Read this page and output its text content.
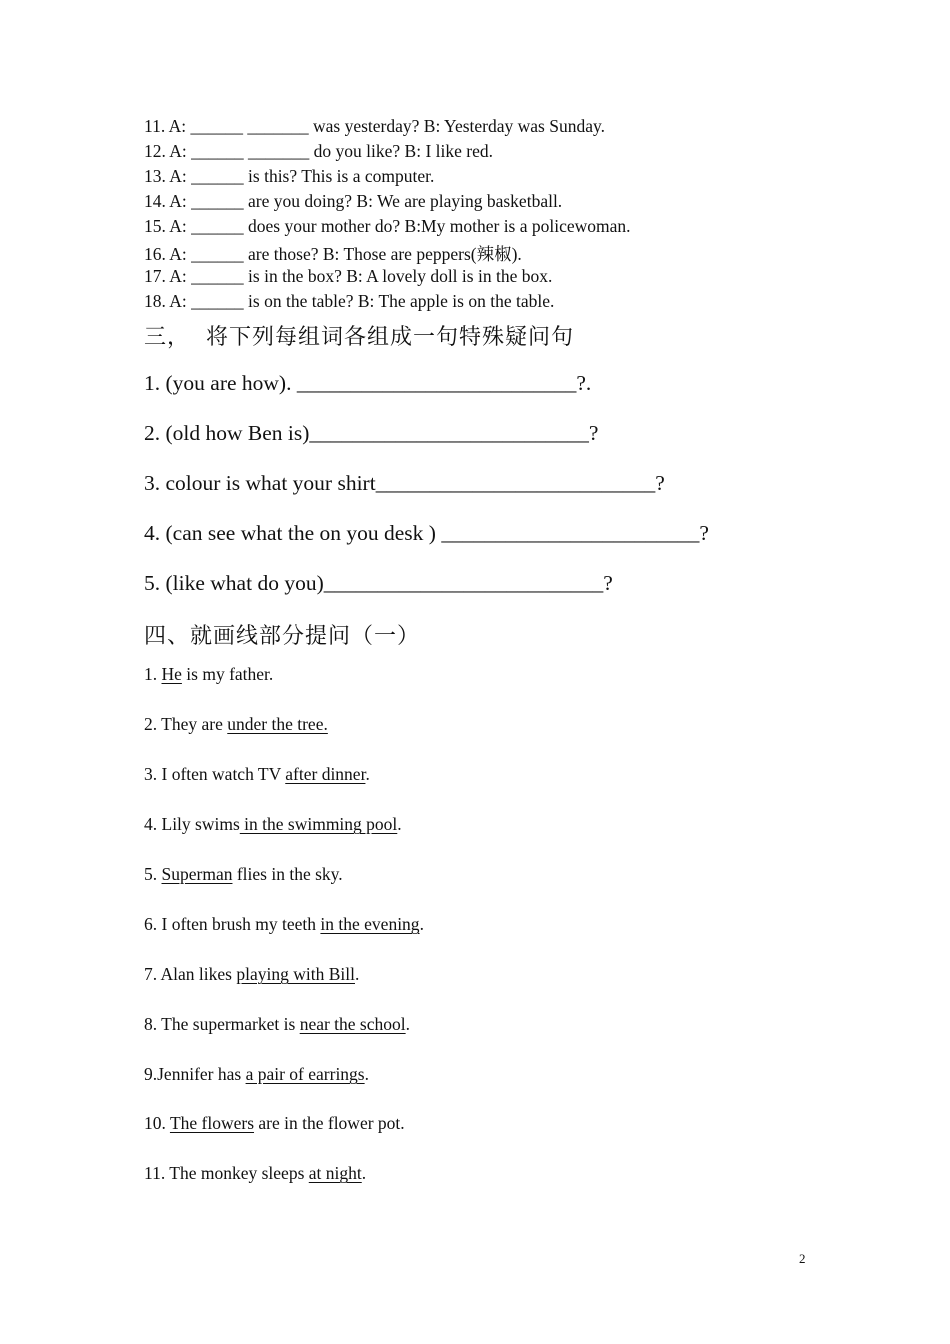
11. A: ______ _______ was yesterday? B: Yesterday was Sunday.
12. A: ______ _______ do you like? B: I like red.
13. A: ______ is this? This is a computer.
14. A: ______ are you doing? B: We are playing basketball.
15. A: ______ does your mother do? B:My mother is a policewoman.
16. A: ______ are those? B: Those are peppers(辣椒).
17. A: ______ is in the box? B: A lovely doll is in the box.
18. A: ______ is on the table? B: The apple is on the table.
三，  将下列每组词各组成一句特殊疑问句
1. (you are how). __________________________?.
2. (old how Ben is)__________________________?
3. colour is what your shirt__________________________?
4. (can see what the on you desk ) ________________________?
5. (like what do you)__________________________?
四、就画线部分提问（一）
1. He is my father.
2. They are under the tree.
3. I often watch TV after dinner.
4. Lily swims in the swimming pool.
5. Superman flies in the sky.
6. I often brush my teeth in the evening.
7. Alan likes playing with Bill.
8. The supermarket is near the school.
9.Jennifer has a pair of earrings.
10. The flowers are in the flower pot.
11. The monkey sleeps at night.
2
